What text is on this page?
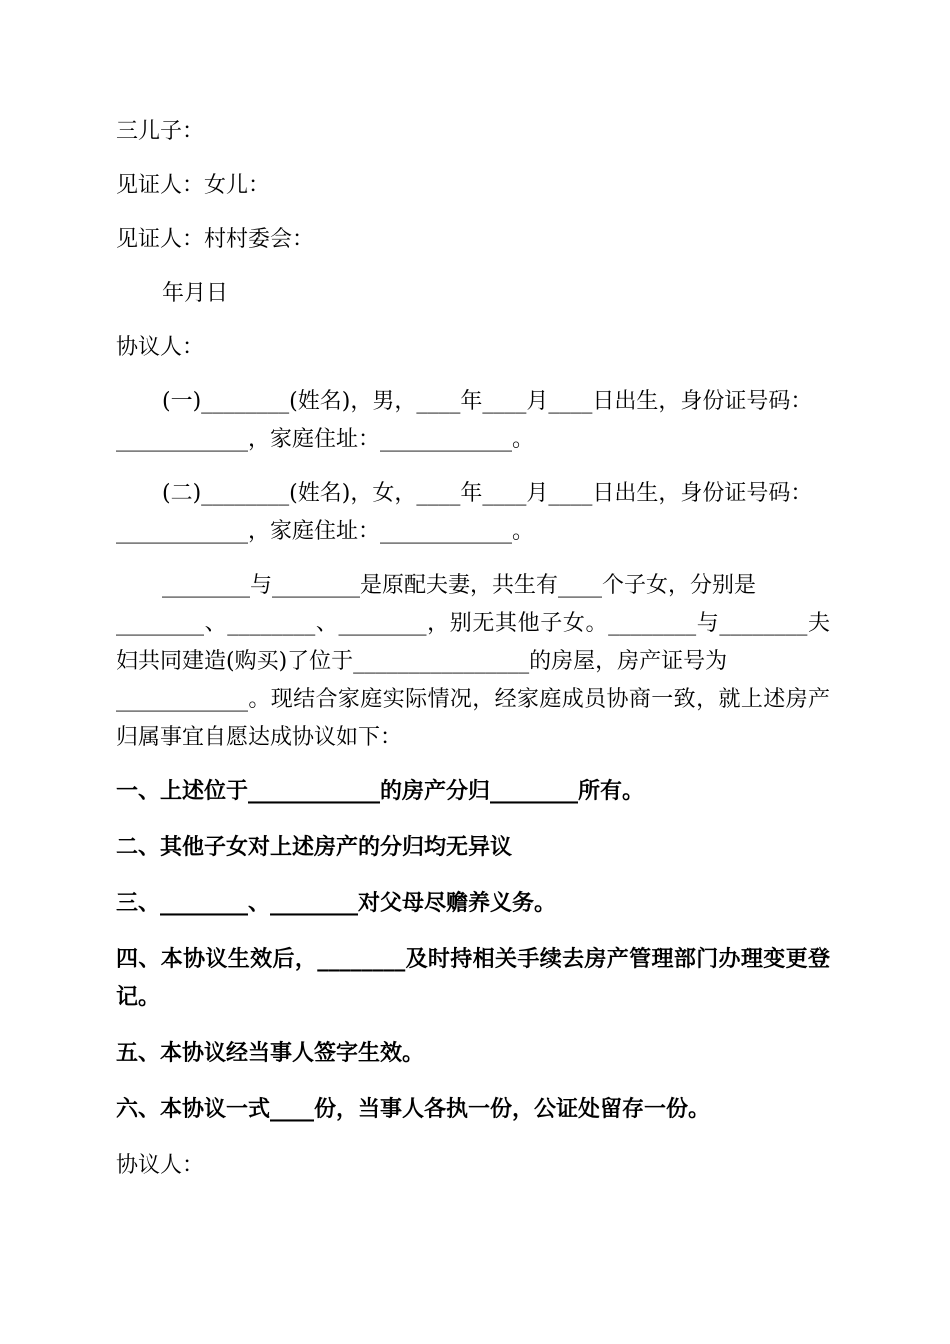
三儿子：
见证人：女儿：
见证人：村村委会：
年月日
协议人：
(一)________(姓名)，男，____年____月____日出生，身份证号码：
____________，家庭住址：____________。
(二)________(姓名)，女，____年____月____日出生，身份证号码：
____________，家庭住址：____________。
________与________是原配夫妻，共生有____个子女，分别是
________、________、________，别无其他子女。________与________夫
妇共同建造(购买)了位于________________的房屋，房产证号为
____________。现结合家庭实际情况，经家庭成员协商一致，就上述房产
归属事宜自愿达成协议如下：
一、上述位于____________的房产分归________所有。
二、其他子女对上述房产的分归均无异议
三、________、________对父母尽赡养义务。
四、本协议生效后，________及时持相关手续去房产管理部门办理变更登
记。
五、本协议经当事人签字生效。
六、本协议一式____份，当事人各执一份，公证处留存一份。
协议人：
